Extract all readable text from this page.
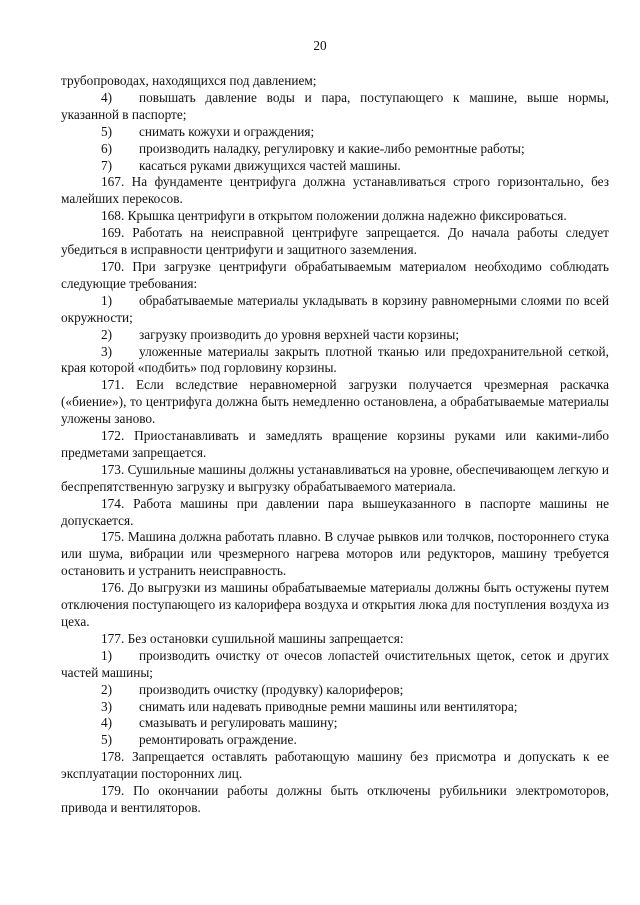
20

трубопроводах, находящихся под давлением;

4) повышать давление воды и пара, поступающего к машине, выше нормы, указанной в паспорте;

5) снимать кожухи и ограждения;

6) производить наладку, регулировку и какие-либо ремонтные работы;

7) касаться руками движущихся частей машины.

167. На фундаменте центрифуга должна устанавливаться строго горизонтально, без малейших перекосов.

168. Крышка центрифуги в открытом положении должна надежно фиксироваться.

169. Работать на неисправной центрифуге запрещается. До начала работы следует убедиться в исправности центрифуги и защитного заземления.

170. При загрузке центрифуги обрабатываемым материалом необходимо соблюдать следующие требования:

1) обрабатываемые материалы укладывать в корзину равномерными слоями по всей окружности;

2) загрузку производить до уровня верхней части корзины;

3) уложенные материалы закрыть плотной тканью или предохранительной сеткой, края которой «подбить» под горловину корзины.

171. Если вследствие неравномерной загрузки получается чрезмерная раскачка («биение»), то центрифуга должна быть немедленно остановлена, а обрабатываемые материалы уложены заново.

172. Приостанавливать и замедлять вращение корзины руками или какими-либо предметами запрещается.

173. Сушильные машины должны устанавливаться на уровне, обеспечивающем легкую и беспрепятственную загрузку и выгрузку обрабатываемого материала.

174. Работа машины при давлении пара вышеуказанного в паспорте машины не допускается.

175. Машина должна работать плавно. В случае рывков или толчков, постороннего стука или шума, вибрации или чрезмерного нагрева моторов или редукторов, машину требуется остановить и устранить неисправность.

176. До выгрузки из машины обрабатываемые материалы должны быть остужены путем отключения поступающего из калорифера воздуха и открытия люка для поступления воздуха из цеха.

177. Без остановки сушильной машины запрещается:

1) производить очистку от очесов лопастей очистительных щеток, сеток и других частей машины;

2) производить очистку (продувку) калориферов;

3) снимать или надевать приводные ремни машины или вентилятора;

4) смазывать и регулировать машину;

5) ремонтировать ограждение.

178. Запрещается оставлять работающую машину без присмотра и допускать к ее эксплуатации посторонних лиц.

179. По окончании работы должны быть отключены рубильники электромоторов, привода и вентиляторов.
